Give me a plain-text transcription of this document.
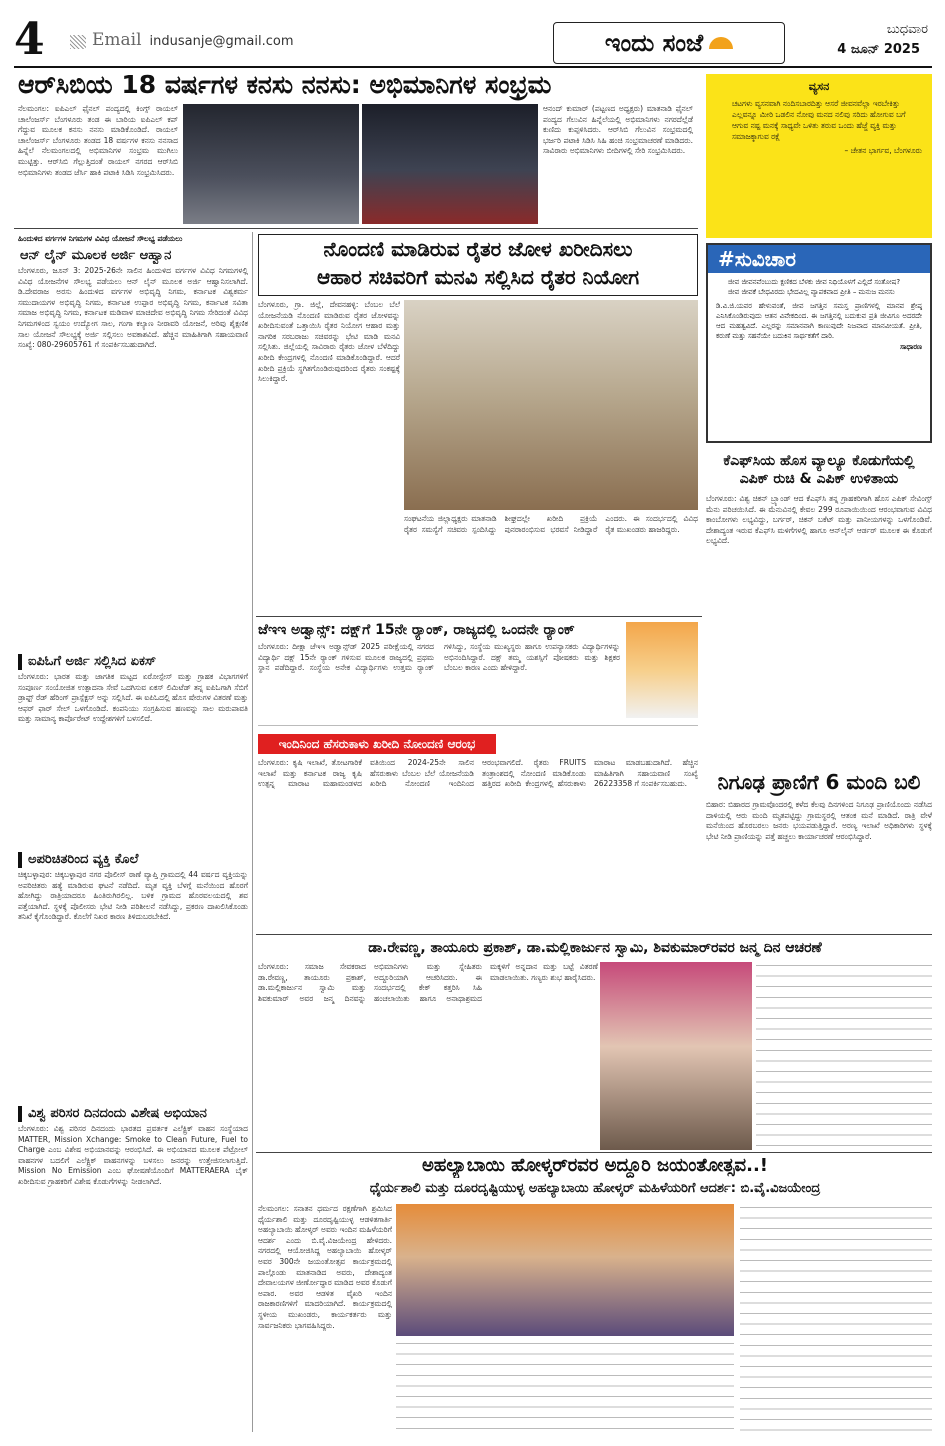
4	Email indusanje@gmail.com	ಇಂದು ಸಂಜೆ	ಬುಧವಾರ
4 ಜೂನ್ 2025
ಆರ್‌ಸಿಬಿಯ 18 ವರ್ಷಗಳ ಕನಸು ನನಸು: ಅಭಿಮಾನಿಗಳ ಸಂಭ್ರಮ
ನೆಲಮಂಗಲ: ಐಪಿಎಲ್ ಫೈನಲ್ ಪಂದ್ಯದಲ್ಲಿ ಕಿಂಗ್ಸ್ ರಾಯಲ್ ಚಾಲೆಂಜರ್ಸ್ ಬೆಂಗಳೂರು ತಂಡ ಈ ಬಾರಿಯ ಐಪಿಎಲ್ ಕಪ್ ಗೆದ್ದುವ ಮೂಲಕ ಕನಸು ನನಸು ಮಾಡಿಕೊಂಡಿದೆ. ರಾಯಲ್ ಚಾಲೆಂಜರ್ಸ್ ಬೆಂಗಳೂರು ತಂಡದ 18 ವರ್ಷಗಳ ಕನಸು ನನಸಾದ ಹಿನ್ನೆಲೆ ನೆಲಮಂಗಲದಲ್ಲಿ ಅಭಿಮಾನಿಗಳ ಸಂಭ್ರಮ ಮುಗಿಲು ಮುಟ್ಟಿತ್ತು. ಆರ್‌ಸಿಬಿ ಗೆಲ್ಲುತ್ತಿದಂತೆ ರಾಯಲ್ ನಗರದ ಆರ್‌ಸಿಬಿ ಅಭಿಮಾನಿಗಳು ತಂಡದ ಜೆರ್ಸಿ ಹಾಕಿ ಪಟಾಕಿ ಸಿಡಿಸಿ ಸಂಭ್ರಮಿಸಿದರು.
ಆನಂದ್ ಕುಮಾರ್ (ಪಟ್ಟಣದ ಅಧ್ಯಕ್ಷರು) ಮಾತನಾಡಿ ಫೈನಲ್ ಪಂದ್ಯದ ಗೆಲುವಿನ ಹಿನ್ನೆಲೆಯಲ್ಲಿ ಅಭಿಮಾನಿಗಳು ನಗರದೆಲ್ಲೆಡೆ ಕುಣಿದು ಕುಪ್ಪಳಿಸಿದರು. ಆರ್‌ಸಿಬಿ ಗೆಲುವಿನ ಸಂಭ್ರಮದಲ್ಲಿ ಭರ್ಜರಿ ಪಟಾಕಿ ಸಿಡಿಸಿ ಸಿಹಿ ಹಂಚಿ ಸಂಭ್ರಮಾಚರಣೆ ಮಾಡಿದರು. ಸಾವಿರಾರು ಅಭಿಮಾನಿಗಳು ಬೀದಿಗಳಲ್ಲಿ ಸೇರಿ ಸಂಭ್ರಮಿಸಿದರು.
ವ್ಯಸನ
ಚಟಗಳು ವ್ಯಸನವಾಗಿ ನಂದಿಸಬಾರದಿತ್ತು ಆಸರೆ ಜೀವನವೆಲ್ಲಾ ಇರಬೇಕಿತ್ತು ಎಲ್ಲವನ್ನೂ ಮೀರಿ ಒಡಲಿನ ನೋವು ಮನದ ನಲಿವು ಸರಿದು ಹೋಗುವ ಬಗೆ ಆಗುವ ನಷ್ಟ ಮನಕ್ಕೆ ಸಾಧ್ಯವೇ ಒಳಿತು ತರುವ ಒಂದು ಹೆಜ್ಜೆ ವ್ಯಕ್ತಿ ಮತ್ತು ಸಮಾಜಕ್ಕಾಗುವ ರಕ್ಷೆ
– ಚೇತನ ಭಾರ್ಗವ, ಬೆಂಗಳೂರು
#ಸುವಿಚಾರ
ಜೀವ ಜೀವನವೆಂಬುದು ಕ್ಷಣಿಕದ ಬೆಳಕು ಜೀವ ನಿಧಿಯೊಳಗೆ ಎಲ್ಲಿದೆ ಸಂತೋಷ? ಜೀವ ಜೀವಕೆ ಬೇಧವಿರದು ಭೇದವಿಲ್ಲ ವ್ಯಾಪಕವಾದ ಪ್ರೀತಿ – ಮನುಜ ಮನಸು
ಡಿ.ವಿ.ಜಿ.ಯವರ ಹೇಳುವಂತೆ, ಜೀವ ಜಗತ್ತಿನ ಸಮಸ್ತ ಪ್ರಾಣಿಗಳಲ್ಲಿ ಮಾನವ ಶ್ರೇಷ್ಠ ಎನಿಸಿಕೊಂಡಿರುವುದು ಆತನ ವಿವೇಕದಿಂದ. ಈ ಜಗತ್ತಿನಲ್ಲಿ ಬದುಕುವ ಪ್ರತಿ ಜೀವಿಗೂ ಅದರದೇ ಆದ ಮಹತ್ವವಿದೆ. ಎಲ್ಲರನ್ನು ಸಮಾನವಾಗಿ ಕಾಣುವುದೇ ನಿಜವಾದ ಮಾನವೀಯತೆ. ಪ್ರೀತಿ, ಕರುಣೆ ಮತ್ತು ಸಹನೆಯೇ ಬದುಕಿನ ಸಾರ್ಥಕತೆಗೆ ದಾರಿ.
ಸಾಧಾರಣ
ಹಿಂದುಳಿದ ವರ್ಗಗಳ ನಿಗಮಗಳ ವಿವಿಧ ಯೋಜನೆ ಸೌಲಭ್ಯ ಪಡೆಯಲು
ಆನ್ ಲೈನ್ ಮೂಲಕ ಅರ್ಜಿ ಆಹ್ವಾನ
ಬೆಂಗಳೂರು, ಜೂನ್ 3: 2025-26ನೇ ಸಾಲಿನ ಹಿಂದುಳಿದ ವರ್ಗಗಳ ವಿವಿಧ ನಿಗಮಗಳಲ್ಲಿ ವಿವಿಧ ಯೋಜನೆಗಳ ಸೌಲಭ್ಯ ಪಡೆಯಲು ಆನ್ ಲೈನ್ ಮೂಲಕ ಅರ್ಜಿ ಆಹ್ವಾನಿಸಲಾಗಿದೆ. ಡಿ.ದೇವರಾಜ ಅರಸು ಹಿಂದುಳಿದ ವರ್ಗಗಳ ಅಭಿವೃದ್ಧಿ ನಿಗಮ, ಕರ್ನಾಟಕ ವಿಶ್ವಕರ್ಮ ಸಮುದಾಯಗಳ ಅಭಿವೃದ್ಧಿ ನಿಗಮ, ಕರ್ನಾಟಕ ಉಪ್ಪಾರ ಅಭಿವೃದ್ಧಿ ನಿಗಮ, ಕರ್ನಾಟಕ ಸವಿತಾ ಸಮಾಜ ಅಭಿವೃದ್ಧಿ ನಿಗಮ, ಕರ್ನಾಟಕ ಮಡಿವಾಳ ಮಾಚಿದೇವ ಅಭಿವೃದ್ಧಿ ನಿಗಮ ಸೇರಿದಂತೆ ವಿವಿಧ ನಿಗಮಗಳಿಂದ ಸ್ವಯಂ ಉದ್ಯೋಗ ಸಾಲ, ಗಂಗಾ ಕಲ್ಯಾಣ ನೀರಾವರಿ ಯೋಜನೆ, ಅರಿವು ಶೈಕ್ಷಣಿಕ ಸಾಲ ಯೋಜನೆ ಸೌಲಭ್ಯಕ್ಕೆ ಅರ್ಜಿ ಸಲ್ಲಿಸಲು ಅವಕಾಶವಿದೆ. ಹೆಚ್ಚಿನ ಮಾಹಿತಿಗಾಗಿ ಸಹಾಯವಾಣಿ ಸಂಖ್ಯೆ: 080-29605761 ಗೆ ಸಂಪರ್ಕಿಸಬಹುದಾಗಿದೆ.
ಐಪಿಓಗೆ ಅರ್ಜಿ ಸಲ್ಲಿಸಿದ ಏಕಸ್
ಬೆಂಗಳೂರು: ಭಾರತ ಮತ್ತು ಜಾಗತಿಕ ಮಟ್ಟದ ಏರೋಸ್ಪೇಸ್ ಮತ್ತು ಗ್ರಾಹಕ ವಿಭಾಗಗಳಿಗೆ ಸಂಪೂರ್ಣ ಸಂಯೋಜಿತ ಉತ್ಪಾದನಾ ಸೇವೆ ಒದಗಿಸುವ ಏಕಸ್ ಲಿಮಿಟೆಡ್ ತನ್ನ ಐಪಿಓಗಾಗಿ ಸೆಬಿಗೆ ಡ್ರಾಫ್ಟ್ ರೆಡ್ ಹೆರಿಂಗ್ ಪ್ರಾಸ್ಪೆಕ್ಟಸ್ ಅನ್ನು ಸಲ್ಲಿಸಿದೆ. ಈ ಐಪಿಓದಲ್ಲಿ ಹೊಸ ಷೇರುಗಳ ವಿತರಣೆ ಮತ್ತು ಆಫರ್ ಫಾರ್ ಸೇಲ್ ಒಳಗೊಂಡಿದೆ. ಕಂಪನಿಯು ಸಂಗ್ರಹಿಸುವ ಹಣವನ್ನು ಸಾಲ ಮರುಪಾವತಿ ಮತ್ತು ಸಾಮಾನ್ಯ ಕಾರ್ಪೊರೇಟ್ ಉದ್ದೇಶಗಳಿಗೆ ಬಳಸಲಿದೆ.
ಅಪರಿಚಿತರಿಂದ ವ್ಯಕ್ತಿ ಕೊಲೆ
ಚಿಕ್ಕಬಳ್ಳಾಪುರ: ಚಿಕ್ಕಬಳ್ಳಾಪುರ ನಗರ ಪೊಲೀಸ್ ಠಾಣೆ ವ್ಯಾಪ್ತಿ ಗ್ರಾಮದಲ್ಲಿ 44 ವರ್ಷದ ವ್ಯಕ್ತಿಯನ್ನು ಅಪರಿಚಿತರು ಹತ್ಯೆ ಮಾಡಿರುವ ಘಟನೆ ನಡೆದಿದೆ. ಮೃತ ವ್ಯಕ್ತಿ ಬೆಳಗ್ಗೆ ಮನೆಯಿಂದ ಹೊರಗೆ ಹೋಗಿದ್ದು ರಾತ್ರಿಯಾದರೂ ಹಿಂತಿರುಗಿರಲಿಲ್ಲ. ಬಳಿಕ ಗ್ರಾಮದ ಹೊರವಲಯದಲ್ಲಿ ಶವ ಪತ್ತೆಯಾಗಿದೆ. ಸ್ಥಳಕ್ಕೆ ಪೊಲೀಸರು ಭೇಟಿ ನೀಡಿ ಪರಿಶೀಲನೆ ನಡೆಸಿದ್ದು, ಪ್ರಕರಣ ದಾಖಲಿಸಿಕೊಂಡು ತನಿಖೆ ಕೈಗೊಂಡಿದ್ದಾರೆ. ಕೊಲೆಗೆ ನಿಖರ ಕಾರಣ ತಿಳಿದುಬರಬೇಕಿದೆ.
ವಿಶ್ವ ಪರಿಸರ ದಿನದಂದು ವಿಶೇಷ ಅಭಿಯಾನ
ಬೆಂಗಳೂರು: ವಿಶ್ವ ಪರಿಸರ ದಿನದಂದು ಭಾರತದ ಪ್ರವರ್ತಕ ಎಲೆಕ್ಟ್ರಿಕ್ ವಾಹನ ಸಂಸ್ಥೆಯಾದ MATTER, Mission Xchange: Smoke to Clean Future, Fuel to Charge ಎಂಬ ವಿಶೇಷ ಅಭಿಯಾನವನ್ನು ಆರಂಭಿಸಿದೆ. ಈ ಅಭಿಯಾನದ ಮೂಲಕ ಪೆಟ್ರೋಲ್ ವಾಹನಗಳ ಬದಲಿಗೆ ಎಲೆಕ್ಟ್ರಿಕ್ ವಾಹನಗಳನ್ನು ಬಳಸಲು ಜನರನ್ನು ಉತ್ತೇಜಿಸಲಾಗುತ್ತಿದೆ. Mission No Emission ಎಂಬ ಘೋಷಣೆಯೊಂದಿಗೆ MATTERAERA ಬೈಕ್ ಖರೀದಿಸುವ ಗ್ರಾಹಕರಿಗೆ ವಿಶೇಷ ಕೊಡುಗೆಗಳನ್ನು ನೀಡಲಾಗಿದೆ.
ನೊಂದಣಿ ಮಾಡಿರುವ ರೈತರ ಜೋಳ ಖರೀದಿಸಲು
ಆಹಾರ ಸಚಿವರಿಗೆ ಮನವಿ ಸಲ್ಲಿಸಿದ ರೈತರ ನಿಯೋಗ
ಬೆಂಗಳೂರು, ಗ್ರಾ. ಜಿಲ್ಲೆ, ದೇವನಹಳ್ಳಿ: ಬೆಂಬಲ ಬೆಲೆ ಯೋಜನೆಯಡಿ ನೊಂದಣಿ ಮಾಡಿರುವ ರೈತರ ಜೋಳವನ್ನು ಖರೀದಿಸುವಂತೆ ಒತ್ತಾಯಿಸಿ ರೈತರ ನಿಯೋಗ ಆಹಾರ ಮತ್ತು ನಾಗರಿಕ ಸರಬರಾಜು ಸಚಿವರನ್ನು ಭೇಟಿ ಮಾಡಿ ಮನವಿ ಸಲ್ಲಿಸಿತು. ಜಿಲ್ಲೆಯಲ್ಲಿ ಸಾವಿರಾರು ರೈತರು ಜೋಳ ಬೆಳೆದಿದ್ದು ಖರೀದಿ ಕೇಂದ್ರಗಳಲ್ಲಿ ನೊಂದಣಿ ಮಾಡಿಕೊಂಡಿದ್ದಾರೆ. ಆದರೆ ಖರೀದಿ ಪ್ರಕ್ರಿಯೆ ಸ್ಥಗಿತಗೊಂಡಿರುವುದರಿಂದ ರೈತರು ಸಂಕಷ್ಟಕ್ಕೆ ಸಿಲುಕಿದ್ದಾರೆ.
ಸಂಘಟನೆಯ ಜಿಲ್ಲಾಧ್ಯಕ್ಷರು ಮಾತನಾಡಿ ರೈತರ ಸಮಸ್ಯೆಗೆ ಸಚಿವರು ಸ್ಪಂದಿಸಿದ್ದು ಶೀಘ್ರದಲ್ಲೇ ಖರೀದಿ ಪ್ರಕ್ರಿಯೆ ಪುನರಾರಂಭಿಸುವ ಭರವಸೆ ನೀಡಿದ್ದಾರೆ ಎಂದರು. ಈ ಸಂದರ್ಭದಲ್ಲಿ ವಿವಿಧ ರೈತ ಮುಖಂಡರು ಹಾಜರಿದ್ದರು.
ಕೆಎಫ್‌ಸಿಯ ಹೊಸ ವ್ಯಾಲ್ಯೂ ಕೊಡುಗೆಯಲ್ಲಿ
ಎಪಿಕ್ ರುಚಿ & ಎಪಿಕ್ ಉಳಿತಾಯ
ಬೆಂಗಳೂರು: ವಿಶ್ವ ಚಿಕನ್ ಬ್ರ್ಯಾಂಡ್ ಆದ ಕೆಎಫ್‌ಸಿ ತನ್ನ ಗ್ರಾಹಕರಿಗಾಗಿ ಹೊಸ ಎಪಿಕ್ ಸೇವಿಂಗ್ಸ್ ಮೆನು ಪರಿಚಯಿಸಿದೆ. ಈ ಮೆನುವಿನಲ್ಲಿ ಕೇವಲ 299 ರೂಪಾಯಿಯಿಂದ ಆರಂಭವಾಗುವ ವಿವಿಧ ಕಾಂಬೋಗಳು ಲಭ್ಯವಿದ್ದು, ಬರ್ಗರ್, ಚಿಕನ್ ಬಕೆಟ್ ಮತ್ತು ಪಾನೀಯಗಳನ್ನು ಒಳಗೊಂಡಿವೆ. ದೇಶಾದ್ಯಂತ ಇರುವ ಕೆಎಫ್‌ಸಿ ಮಳಿಗೆಗಳಲ್ಲಿ ಹಾಗೂ ಆನ್‌ಲೈನ್ ಆರ್ಡರ್ ಮೂಲಕ ಈ ಕೊಡುಗೆ ಲಭ್ಯವಿದೆ.
ಜೆಇಇ ಅಡ್ವಾನ್ಸ್: ದಕ್ಷ್‌ಗೆ 15ನೇ ರ‍್ಯಾಂಕ್, ರಾಜ್ಯದಲ್ಲಿ ಒಂದನೇ ರ‍್ಯಾಂಕ್
ಬೆಂಗಳೂರು: ದೀಕ್ಷಾ ಜೆಇಇ ಅಡ್ವಾನ್ಸ್‌ಡ್ 2025 ಪರೀಕ್ಷೆಯಲ್ಲಿ ನಗರದ ವಿದ್ಯಾರ್ಥಿ ದಕ್ಷ್ 15ನೇ ರ‍್ಯಾಂಕ್ ಗಳಿಸುವ ಮೂಲಕ ರಾಜ್ಯದಲ್ಲಿ ಪ್ರಥಮ ಸ್ಥಾನ ಪಡೆದಿದ್ದಾರೆ. ಸಂಸ್ಥೆಯ ಅನೇಕ ವಿದ್ಯಾರ್ಥಿಗಳು ಉತ್ತಮ ರ‍್ಯಾಂಕ್ ಗಳಿಸಿದ್ದು, ಸಂಸ್ಥೆಯ ಮುಖ್ಯಸ್ಥರು ಹಾಗೂ ಉಪನ್ಯಾಸಕರು ವಿದ್ಯಾರ್ಥಿಗಳನ್ನು ಅಭಿನಂದಿಸಿದ್ದಾರೆ. ದಕ್ಷ್ ತಮ್ಮ ಯಶಸ್ಸಿಗೆ ಪೋಷಕರು ಮತ್ತು ಶಿಕ್ಷಕರ ಬೆಂಬಲ ಕಾರಣ ಎಂದು ಹೇಳಿದ್ದಾರೆ.
ಇಂದಿನಿಂದ ಹೆಸರುಕಾಳು ಖರೀದಿ ನೋಂದಣಿ ಆರಂಭ
ಬೆಂಗಳೂರು: ಕೃಷಿ ಇಲಾಖೆ, ತೋಟಗಾರಿಕೆ ಇಲಾಖೆ ಮತ್ತು ಕರ್ನಾಟಕ ರಾಜ್ಯ ಕೃಷಿ ಉತ್ಪನ್ನ ಮಾರಾಟ ಮಹಾಮಂಡಳದ ವತಿಯಿಂದ 2024-25ನೇ ಸಾಲಿನ ಹೆಸರುಕಾಳು ಬೆಂಬಲ ಬೆಲೆ ಯೋಜನೆಯಡಿ ಖರೀದಿ ನೋಂದಣಿ ಇಂದಿನಿಂದ ಆರಂಭವಾಗಲಿದೆ. ರೈತರು FRUITS ತಂತ್ರಾಂಶದಲ್ಲಿ ನೋಂದಣಿ ಮಾಡಿಕೊಂಡು ಹತ್ತಿರದ ಖರೀದಿ ಕೇಂದ್ರಗಳಲ್ಲಿ ಹೆಸರುಕಾಳು ಮಾರಾಟ ಮಾಡಬಹುದಾಗಿದೆ. ಹೆಚ್ಚಿನ ಮಾಹಿತಿಗಾಗಿ ಸಹಾಯವಾಣಿ ಸಂಖ್ಯೆ 26223358 ಗೆ ಸಂಪರ್ಕಿಸಬಹುದು.	ನಿಗೂಢ ಪ್ರಾಣಿಗೆ 6 ಮಂದಿ ಬಲಿ
ಬಿಹಾರ: ಬಿಹಾರದ ಗ್ರಾಮವೊಂದರಲ್ಲಿ ಕಳೆದ ಕೆಲವು ದಿನಗಳಿಂದ ನಿಗೂಢ ಪ್ರಾಣಿಯೊಂದು ನಡೆಸಿದ ದಾಳಿಯಲ್ಲಿ ಆರು ಮಂದಿ ಮೃತಪಟ್ಟಿದ್ದು ಗ್ರಾಮಸ್ಥರಲ್ಲಿ ಆತಂಕ ಮನೆ ಮಾಡಿದೆ. ರಾತ್ರಿ ವೇಳೆ ಮನೆಯಿಂದ ಹೊರಬರಲು ಜನರು ಭಯಪಡುತ್ತಿದ್ದಾರೆ. ಅರಣ್ಯ ಇಲಾಖೆ ಅಧಿಕಾರಿಗಳು ಸ್ಥಳಕ್ಕೆ ಭೇಟಿ ನೀಡಿ ಪ್ರಾಣಿಯನ್ನು ಪತ್ತೆ ಹಚ್ಚಲು ಕಾರ್ಯಾಚರಣೆ ಆರಂಭಿಸಿದ್ದಾರೆ.
ಡಾ.ರೇವಣ್ಣ, ತಾಯೂರು ಪ್ರಕಾಶ್, ಡಾ.ಮಲ್ಲಿಕಾರ್ಜುನ ಸ್ವಾಮಿ, ಶಿವಕುಮಾರ್‌ರವರ ಜನ್ಮ ದಿನ ಆಚರಣೆ
ಬೆಂಗಳೂರು: ಸಮಾಜ ಸೇವಕರಾದ ಡಾ.ರೇವಣ್ಣ, ತಾಯೂರು ಪ್ರಕಾಶ್, ಡಾ.ಮಲ್ಲಿಕಾರ್ಜುನ ಸ್ವಾಮಿ ಮತ್ತು ಶಿವಕುಮಾರ್ ಅವರ ಜನ್ಮ ದಿನವನ್ನು ಅಭಿಮಾನಿಗಳು ಮತ್ತು ಸ್ನೇಹಿತರು ಅದ್ದೂರಿಯಾಗಿ ಆಚರಿಸಿದರು. ಈ ಸಂದರ್ಭದಲ್ಲಿ ಕೇಕ್ ಕತ್ತರಿಸಿ ಸಿಹಿ ಹಂಚಲಾಯಿತು ಹಾಗೂ ಅನಾಥಾಶ್ರಮದ ಮಕ್ಕಳಿಗೆ ಅನ್ನದಾನ ಮತ್ತು ಬಟ್ಟೆ ವಿತರಣೆ ಮಾಡಲಾಯಿತು. ಗಣ್ಯರು ಶುಭ ಹಾರೈಸಿದರು.
ಅಹಲ್ಯಾಬಾಯಿ ಹೋಳ್ಕರ್‌ರವರ ಅದ್ದೂರಿ ಜಯಂತೋತ್ಸವ..!
ಧೈರ್ಯಶಾಲಿ ಮತ್ತು ದೂರದೃಷ್ಟಿಯುಳ್ಳ ಅಹಲ್ಯಾಬಾಯಿ ಹೋಳ್ಕರ್ ಮಹಿಳೆಯರಿಗೆ ಆದರ್ಶ: ಬಿ.ವೈ.ವಿಜಯೇಂದ್ರ
ನೆಲಮಂಗಲ: ಸನಾತನ ಧರ್ಮದ ರಕ್ಷಣೆಗಾಗಿ ಶ್ರಮಿಸಿದ ಧೈರ್ಯಶಾಲಿ ಮತ್ತು ದೂರದೃಷ್ಟಿಯುಳ್ಳ ಆಡಳಿತಗಾರ್ತಿ ಅಹಲ್ಯಾಬಾಯಿ ಹೋಳ್ಕರ್ ಅವರು ಇಂದಿನ ಮಹಿಳೆಯರಿಗೆ ಆದರ್ಶ ಎಂದು ಬಿ.ವೈ.ವಿಜಯೇಂದ್ರ ಹೇಳಿದರು. ನಗರದಲ್ಲಿ ಆಯೋಜಿಸಿದ್ದ ಅಹಲ್ಯಾಬಾಯಿ ಹೋಳ್ಕರ್ ಅವರ 300ನೇ ಜಯಂತೋತ್ಸವ ಕಾರ್ಯಕ್ರಮದಲ್ಲಿ ಪಾಲ್ಗೊಂಡು ಮಾತನಾಡಿದ ಅವರು, ದೇಶಾದ್ಯಂತ ದೇವಾಲಯಗಳ ಜೀರ್ಣೋದ್ಧಾರ ಮಾಡಿದ ಅವರ ಕೊಡುಗೆ ಅಪಾರ. ಅವರ ಆಡಳಿತ ವೈಖರಿ ಇಂದಿನ ರಾಜಕಾರಣಿಗಳಿಗೆ ಮಾದರಿಯಾಗಿದೆ. ಕಾರ್ಯಕ್ರಮದಲ್ಲಿ ಸ್ಥಳೀಯ ಮುಖಂಡರು, ಕಾರ್ಯಕರ್ತರು ಮತ್ತು ಸಾರ್ವಜನಿಕರು ಭಾಗವಹಿಸಿದ್ದರು.
